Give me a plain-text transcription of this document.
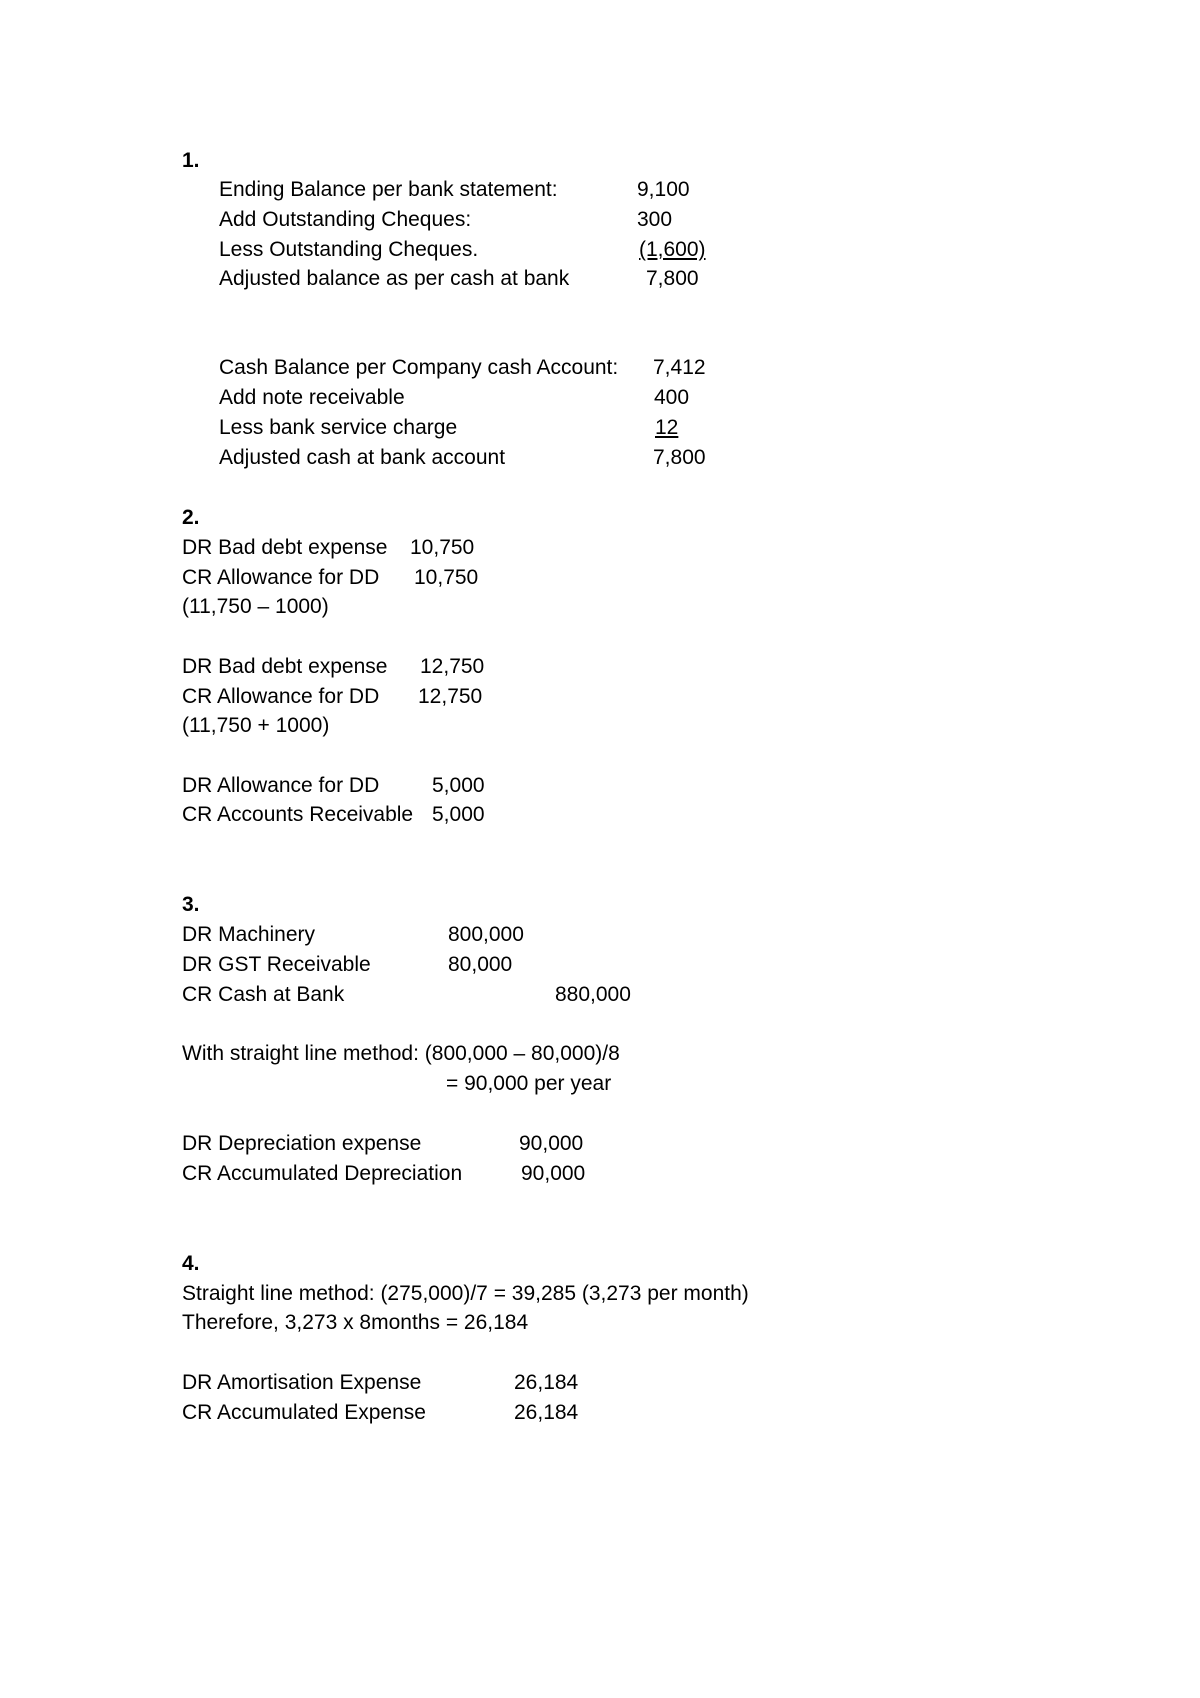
1.
Ending Balance per bank statement:	9,100
Add Outstanding Cheques:	300
Less Outstanding Cheques.	(1,600)
Adjusted balance as per cash at bank	7,800
Cash Balance per Company cash Account: 7,412
Add note receivable	400
Less bank service charge	12
Adjusted cash at bank account	7,800
2.
DR Bad debt expense 10,750
CR Allowance for DD 10,750
(11,750 – 1000)
DR Bad debt expense 12,750
CR Allowance for DD 12,750
(11,750 + 1000)
DR Allowance for DD	5,000
CR Accounts Receivable 5,000
3.
DR Machinery	800,000
DR GST Receivable	80,000
CR Cash at Bank	880,000
With straight line method: (800,000 – 80,000)/8
= 90,000 per year
DR Depreciation expense	90,000
CR Accumulated Depreciation	90,000
4.
Straight line method: (275,000)/7 = 39,285 (3,273 per month)
Therefore, 3,273 x 8months = 26,184
DR Amortisation Expense	26,184
CR Accumulated Expense	26,184
